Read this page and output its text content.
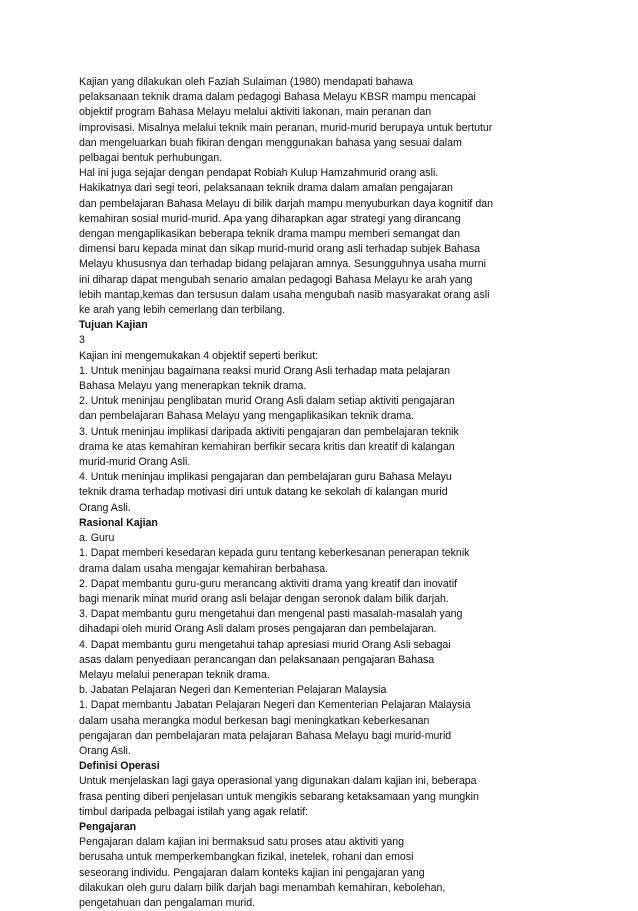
Kajian yang dilakukan oleh Faziah Sulaiman (1980) mendapati bahawa
pelaksanaan teknik drama dalam pedagogi Bahasa Melayu KBSR mampu mencapai
objektif program Bahasa Melayu melalui aktiviti lakonan, main peranan dan
improvisasi. Misalnya melalui teknik main peranan, murid-murid berupaya untuk bertutur
dan mengeluarkan buah fikiran dengan menggunakan bahasa yang sesuai dalam
pelbagai bentuk perhubungan.
Hal ini juga sejajar dengan pendapat Robiah Kulup Hamzahmurid orang asli.
Hakikatnya dari segi teori, pelaksanaan teknik drama dalam amalan pengajaran
dan pembelajaran Bahasa Melayu di bilik darjah mampu menyuburkan daya kognitif dan
kemahiran sosial murid-murid. Apa yang diharapkan agar strategi yang dirancang
dengan mengaplikasikan beberapa teknik drama mampu memberi semangat dan
dimensi baru kepada minat dan sikap murid-murid orang asli terhadap subjek Bahasa
Melayu khususnya dan terhadap bidang pelajaran amnya. Sesungguhnya usaha murni
ini diharap dapat mengubah senario amalan pedagogi Bahasa Melayu ke arah yang
lebih mantap,kemas dan tersusun dalam usaha mengubah nasib masyarakat orang asli
ke arah yang lebih cemerlang dan terbilang.
Tujuan Kajian
3
Kajian ini mengemukakan 4 objektif seperti berikut:
1. Untuk meninjau bagaimana reaksi murid Orang Asli terhadap mata pelajaran
Bahasa Melayu yang menerapkan teknik drama.
2. Untuk meninjau penglibatan murid Orang Asli dalam setiap aktiviti pengajaran
dan pembelajaran Bahasa Melayu yang mengaplikasikan teknik drama.
3. Untuk meninjau implikasi daripada aktiviti pengajaran dan pembelajaran teknik
drama ke atas kemahiran kemahiran berfikir secara kritis dan kreatif di kalangan
murid-murid Orang Asli.
4. Untuk meninjau implikasi pengajaran dan pembelajaran guru Bahasa Melayu
teknik drama terhadap motivasi diri untuk datang ke sekolah di kalangan murid
Orang Asli.
Rasional Kajian
a. Guru
1. Dapat memberi kesedaran kepada guru tentang keberkesanan penerapan teknik
drama dalam usaha mengajar kemahiran berbahasa.
2. Dapat membantu guru-guru merancang aktiviti drama yang kreatif dan inovatif
bagi menarik minat murid orang asli belajar dengan seronok dalam bilik darjah.
3. Dapat membantu guru mengetahui dan mengenal pasti masalah-masalah yang
dihadapi oleh murid Orang Asli dalam proses pengajaran dan pembelajaran.
4. Dapat membantu guru mengetahui tahap apresiasi murid Orang Asli sebagai
asas dalam penyediaan perancangan dan pelaksanaan pengajaran Bahasa
Melayu melalui penerapan teknik drama.
b. Jabatan Pelajaran Negeri dan Kementerian Pelajaran Malaysia
1. Dapat membantu Jabatan Pelajaran Negeri dan Kementerian Pelajaran Malaysia
dalam usaha merangka modul berkesan bagi meningkatkan keberkesanan
pengajaran dan pembelajaran mata pelajaran Bahasa Melayu bagi murid-murid
Orang Asli.
Definisi Operasi
Untuk menjelaskan lagi gaya operasional yang digunakan dalam kajian ini, beberapa
frasa penting diberi penjelasan untuk mengikis sebarang ketaksamaan yang mungkin
timbul daripada pelbagai istilah yang agak relatif:
Pengajaran
Pengajaran dalam kajian ini bermaksud satu proses atau aktiviti yang
berusaha untuk memperkembangkan fizikal, inetelek, rohani dan emosi
seseorang individu. Pengajaran dalam konteks kajian ini pengajaran yang
dilakukan oleh guru dalam bilik darjah bagi menambah kemahiran, kebolehan,
pengetahuan dan pengalaman murid.
